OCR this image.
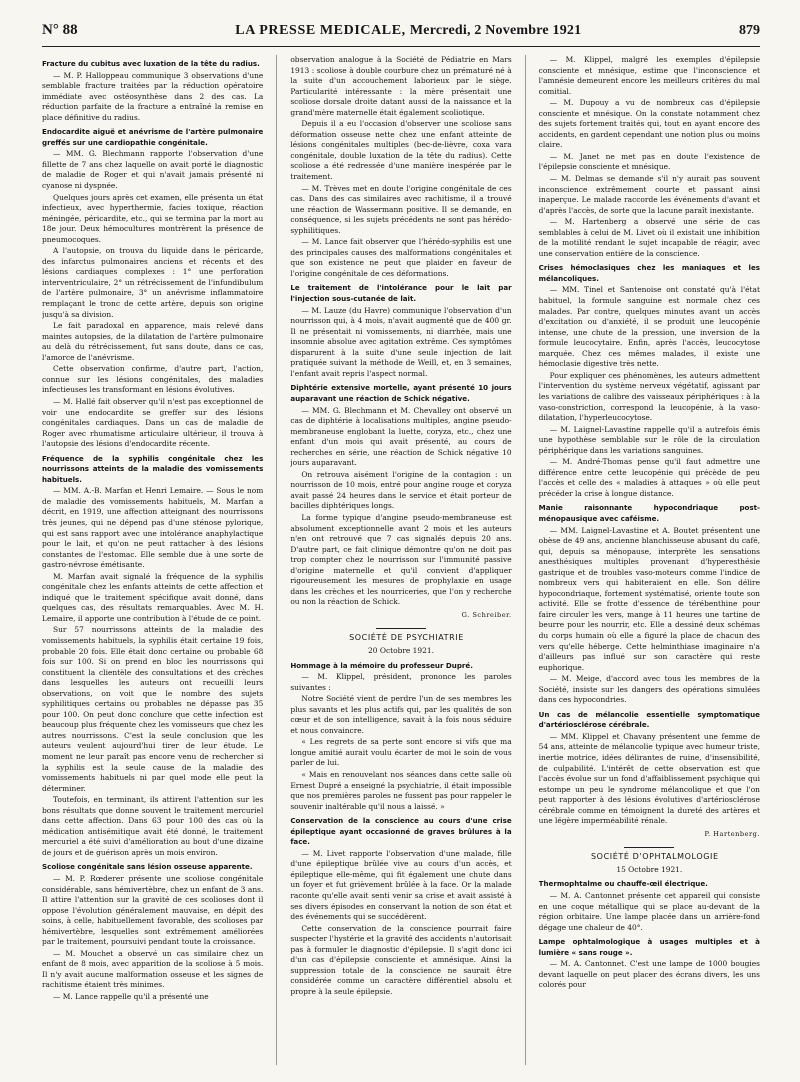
N° 88	LA PRESSE MEDICALE, Mercredi, 2 Novembre 1921	879

Fracture du cubitus avec luxation de la tête du radius.

— M. P. Halloppeau communique 3 observations d'une semblable fracture traitées par la réduction opératoire immédiate avec ostéosynthèse dans 2 des cas. La réduction parfaite de la fracture a entraîné la remise en place définitive du radius.

Endocardite aiguë et anévrisme de l'artère pulmonaire greffés sur une cardiopathie congénitale.

— MM. G. Blechmann rapporte l'observation d'une fillette de 7 ans chez laquelle on avait porté le diagnostic de maladie de Roger et qui n'avait jamais présenté ni cyanose ni dyspnée.

Quelques jours après cet examen, elle présenta un état infectieux, avec hyperthermie, facies toxique, réaction méningée, péricardite, etc., qui se termina par la mort au 18e jour. Deux hémocultures montrèrent la présence de pneumocoques.

A l'autopsie, on trouva du liquide dans le péricarde, des infarctus pulmonaires anciens et récents et des lésions cardiaques complexes : 1° une perforation interventriculaire, 2° un rétrécissement de l'infundibulum de l'artère pulmonaire, 3° un anévrisme inflammatoire remplaçant le tronc de cette artère, depuis son origine jusqu'à sa division.

Le fait paradoxal en apparence, mais relevé dans maintes autopsies, de la dilatation de l'artère pulmonaire au delà du rétrécissement, fut sans doute, dans ce cas, l'amorce de l'anévrisme.

Cette observation confirme, d'autre part, l'action, connue sur les lésions congénitales, des maladies infectieuses les transformant en lésions évolutives.

— M. Hallé fait observer qu'il n'est pas exceptionnel de voir une endocardite se greffer sur des lésions congénitales cardiaques. Dans un cas de maladie de Roger avec rhumatisme articulaire ultérieur, il trouva à l'autopsie des lésions d'endocardite récente.

Fréquence de la syphilis congénitale chez les nourrissons atteints de la maladie des vomissements habituels.

— MM. A.-B. Marfan et Henri Lemaire. — Sous le nom de maladie des vomissements habituels, M. Marfan a décrit, en 1919, une affection atteignant des nourrissons très jeunes, qui ne dépend pas d'une sténose pylorique, qui est sans rapport avec une intolérance anaphylactique pour le lait, et qu'on ne peut rattacher à des lésions constantes de l'estomac. Elle semble due à une sorte de gastro-névrose émétisante.

M. Marfan avait signalé la fréquence de la syphilis congénitale chez les enfants atteints de cette affection et indiqué que le traitement spécifique avait donné, dans quelques cas, des résultats remarquables. Avec M. H. Lemaire, il apporte une contribution à l'étude de ce point.

Sur 57 nourrissons atteints de la maladie des vomissements habituels, la syphilis était certaine 19 fois, probable 20 fois. Elle était donc certaine ou probable 68 fois sur 100. Si on prend en bloc les nourrissons qui constituent la clientèle des consultations et des crèches dans lesquelles les auteurs ont recueilli leurs observations, on voit que le nombre des sujets syphilitiques certains ou probables ne dépasse pas 35 pour 100. On peut donc conclure que cette infection est beaucoup plus fréquente chez les vomisseurs que chez les autres nourrissons. C'est la seule conclusion que les auteurs veulent aujourd'hui tirer de leur étude. Le moment ne leur paraît pas encore venu de rechercher si la syphilis est la seule cause de la maladie des vomissements habituels ni par quel mode elle peut la déterminer.

Toutefois, en terminant, ils attirent l'attention sur les bons résultats que donne souvent le traitement mercuriel dans cette affection. Dans 63 pour 100 des cas où la médication antisémitique avait été donné, le traitement mercuriel a été suivi d'amélioration au bout d'une dizaine de jours et de guérison après un mois environ.

Scoliose congénitale sans lésion osseuse apparente.

— M. P. Rœderer présente une scoliose congénitale considérable, sans hémivertèbre, chez un enfant de 3 ans. Il attire l'attention sur la gravité de ces scolioses dont il oppose l'évolution généralement mauvaise, en dépit des soins, à celle, habituellement favorable, des scolioses par hémivertèbre, lesquelles sont extrêmement améliorées par le traitement, poursuivi pendant toute la croissance.

— M. Mouchet a observé un cas similaire chez un enfant de 8 mois, avec apparition de la scoliose à 5 mois. Il n'y avait aucune malformation osseuse et les signes de rachitisme étaient très minimes.

— M. Lance rappelle qu'il a présenté une

observation analogue à la Société de Pédiatrie en Mars 1913 : scoliose à double courbure chez un prématuré né à la suite d'un accouchement laborieux par le siège. Particularité intéressante : la mère présentait une scoliose dorsale droite datant aussi de la naissance et la grand'mère maternelle était également scoliotique.

Depuis il a eu l'occasion d'observer une scoliose sans déformation osseuse nette chez une enfant atteinte de lésions congénitales multiples (bec-de-lièvre, coxa vara congénitale, double luxation de la tête du radius). Cette scoliose a été redressée d'une manière inespérée par le traitement.

— M. Trèves met en doute l'origine congénitale de ces cas. Dans des cas similaires avec rachitisme, il a trouvé une réaction de Wassermann positive. Il se demande, en conséquence, si les sujets précédents ne sont pas hérédo-syphilitiques.

— M. Lance fait observer que l'hérédo-syphilis est une des principales causes des malformations congénitales et que son existence ne peut que plaider en faveur de l'origine congénitale de ces déformations.

Le traitement de l'intolérance pour le lait par l'injection sous-cutanée de lait.

— M. Lauze (du Havre) communique l'observation d'un nourrisson qui, à 4 mois, n'avait augmenté que de 400 gr. Il ne présentait ni vomissements, ni diarrhée, mais une insomnie absolue avec agitation extrême. Ces symptômes disparurent à la suite d'une seule injection de lait pratiquée suivant la méthode de Weill, et, en 3 semaines, l'enfant avait repris l'aspect normal.

Diphtérie extensive mortelle, ayant présenté 10 jours auparavant une réaction de Schick négative.

— MM. G. Blechmann et M. Chevalley ont observé un cas de diphtérie à localisations multiples, angine pseudo-membraneuse englobant la luette, coryza, etc., chez une enfant d'un mois qui avait présenté, au cours de recherches en série, une réaction de Schick négative 10 jours auparavant.

On retrouva aisément l'origine de la contagion : un nourrisson de 10 mois, entré pour angine rouge et coryza avait passé 24 heures dans le service et était porteur de bacilles diphtériques longs.

La forme typique d'angine pseudo-membraneuse est absolument exceptionnelle avant 2 mois et les auteurs n'en ont retrouvé que 7 cas signalés depuis 20 ans. D'autre part, ce fait clinique démontre qu'on ne doit pas trop compter chez le nourrisson sur l'immunité passive d'origine maternelle et qu'il convient d'appliquer rigoureusement les mesures de prophylaxie en usage dans les crèches et les nourriceries, que l'on y recherche ou non la réaction de Schick.

G. Schreiber.

SOCIÉTÉ DE PSYCHIATRIE

20 Octobre 1921.

Hommage à la mémoire du professeur Dupré.

— M. Klippel, président, prononce les paroles suivantes :

Notre Société vient de perdre l'un de ses membres les plus savants et les plus actifs qui, par les qualités de son cœur et de son intelligence, savait à la fois nous séduire et nous convaincre.

« Les regrets de sa perte sont encore si vifs que ma longue amitié aurait voulu écarter de moi le soin de vous parler de lui.

« Mais en renouvelant nos séances dans cette salle où Ernest Dupré a enseigné la psychiatrie, il était impossible que nos premières paroles ne fussent pas pour rappeler le souvenir inaltérable qu'il nous a laissé. »

Conservation de la conscience au cours d'une crise épileptique ayant occasionné de graves brûlures à la face.

— M. Livet rapporte l'observation d'une malade, fille d'une épileptique brûlée vive au cours d'un accès, et épileptique elle-même, qui fit également une chute dans un foyer et fut grièvement brûlée à la face. Or la malade raconte qu'elle avait senti venir sa crise et avait assisté à ses divers épisodes en conservant la notion de son état et des événements qui se succédèrent.

Cette conservation de la conscience pourrait faire suspecter l'hystérie et la gravité des accidents n'autorisait pas à formuler le diagnostic d'épilepsie. Il s'agit donc ici d'un cas d'épilepsie consciente et amnésique. Ainsi la suppression totale de la conscience ne saurait être considérée comme un caractère différentiel absolu et propre à la seule épilepsie.

— M. Klippel, malgré les exemples d'épilepsie consciente et mnésique, estime que l'inconscience et l'amnésie demeurent encore les meilleurs critères du mal comitial.

— M. Dupouy a vu de nombreux cas d'épilepsie consciente et mnésique. On la constate notamment chez des sujets fortement traités qui, tout en ayant encore des accidents, en gardent cependant une notion plus ou moins claire.

— M. Janet ne met pas en doute l'existence de l'épilepsie consciente et mnésique.

— M. Delmas se demande s'il n'y aurait pas souvent inconscience extrêmement courte et passant ainsi inaperçue. Le malade raccorde les événements d'avant et d'après l'accès, de sorte que la lacune paraît inexistante.

— M. Hartenberg a observé une série de cas semblables à celui de M. Livet où il existait une inhibition de la motilité rendant le sujet incapable de réagir, avec une conservation entière de la conscience.

Crises hémoclasiques chez les maniaques et les mélancoliques.

— MM. Tinel et Santenoise ont constaté qu'à l'état habituel, la formule sanguine est normale chez ces malades. Par contre, quelques minutes avant un accès d'excitation ou d'anxiété, il se produit une leucopénie intense, une chute de la pression, une inversion de la formule leucocytaire. Enfin, après l'accès, leucocytose marquée. Chez ces mêmes malades, il existe une hémoclasie digestive très nette.

Pour expliquer ces phénomènes, les auteurs admettent l'intervention du système nerveux végétatif, agissant par les variations de calibre des vaisseaux périphériques : à la vaso-constriction, correspond la leucopénie, à la vaso-dilatation, l'hyperleucocytose.

— M. Laignel-Lavastine rappelle qu'il a autrefois émis une hypothèse semblable sur le rôle de la circulation périphérique dans les variations sanguines.

— M. André-Thomas pense qu'il faut admettre une différence entre cette leucopénie qui précède de peu l'accès et celle des « maladies à attaques » où elle peut précéder la crise à longue distance.

Manie raisonnante hypocondriaque post-ménopausique avec caféisme.

— MM. Laignel-Lavastine et A. Boutet présentent une obèse de 49 ans, ancienne blanchisseuse abusant du café, qui, depuis sa ménopause, interprète les sensations anesthésiques multiples provenant d'hyperesthésie gastrique et de troubles vaso-moteurs comme l'indice de nombreux vers qui habiteraient en elle. Son délire hypocondriaque, fortement systématisé, oriente toute son activité. Elle se frotte d'essence de térébenthine pour faire circuler les vers, mange à 11 heures une tartine de beurre pour les nourrir, etc. Elle a dessiné deux schémas du corps humain où elle a figuré la place de chacun des vers qu'elle héberge. Cette helminthiase imaginaire n'a d'ailleurs pas influé sur son caractère qui reste euphorique.

— M. Meige, d'accord avec tous les membres de la Société, insiste sur les dangers des opérations simulées dans ces hypocondries.

Un cas de mélancolie essentielle symptomatique d'artériosclérose cérébrale.

— MM. Klippel et Chavany présentent une femme de 54 ans, atteinte de mélancolie typique avec humeur triste, inertie motrice, idées délirantes de ruine, d'insensibilité, de culpabilité. L'intérêt de cette observation est que l'accès évolue sur un fond d'affaiblissement psychique qui estompe un peu le syndrome mélancolique et que l'on peut rapporter à des lésions évolutives d'artériosclérose cérébrale comme en témoignent la dureté des artères et une légère imperméabilité rénale.

P. Hartenberg.

SOCIÉTÉ D'OPHTALMOLOGIE

15 Octobre 1921.

Thermophtalme ou chauffe-œil électrique.

— M. A. Cantonnet présente cet appareil qui consiste en une coque métallique qui se place au-devant de la région orbitaire. Une lampe placée dans un arrière-fond dégage une chaleur de 40°.

Lampe ophtalmologique à usages multiples et à lumière « sans rouge ».

— M. A. Cantonnet. C'est une lampe de 1000 bougies devant laquelle on peut placer des écrans divers, les uns colorés pour
